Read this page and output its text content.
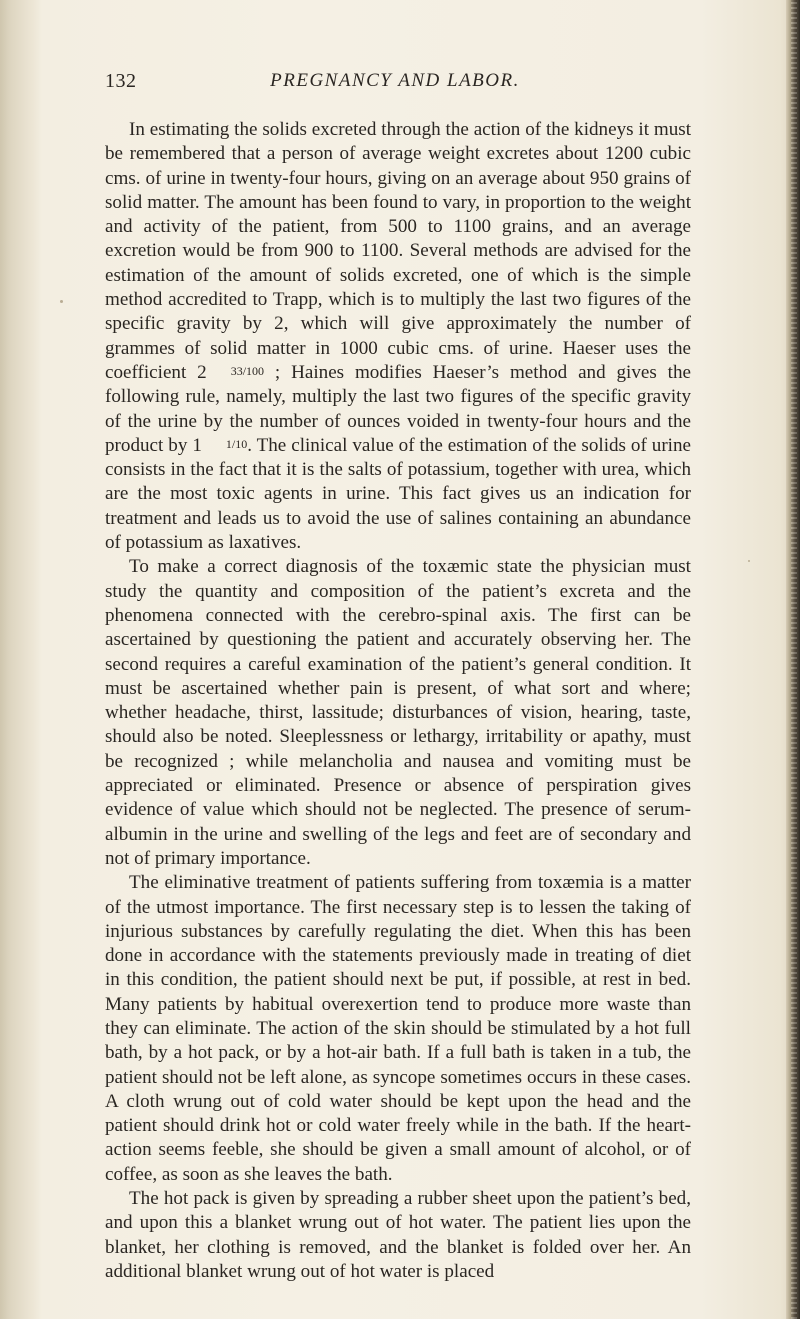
132	PREGNANCY AND LABOR.

In estimating the solids excreted through the action of the kidneys it must be remembered that a person of average weight excretes about 1200 cubic cms. of urine in twenty-four hours, giving on an average about 950 grains of solid matter. The amount has been found to vary, in proportion to the weight and activity of the patient, from 500 to 1100 grains, and an average excretion would be from 900 to 1100. Several methods are advised for the estimation of the amount of solids excreted, one of which is the simple method accredited to Trapp, which is to multiply the last two figures of the specific gravity by 2, which will give approximately the number of grammes of solid matter in 1000 cubic cms. of urine. Haeser uses the coefficient 2 33/100 ; Haines modifies Haeser’s method and gives the following rule, namely, multiply the last two figures of the specific gravity of the urine by the number of ounces voided in twenty-four hours and the product by 1 1/10. The clinical value of the estimation of the solids of urine consists in the fact that it is the salts of potassium, together with urea, which are the most toxic agents in urine. This fact gives us an indication for treatment and leads us to avoid the use of salines containing an abundance of potassium as laxatives.

To make a correct diagnosis of the toxæmic state the physician must study the quantity and composition of the patient’s excreta and the phenomena connected with the cerebro-spinal axis. The first can be ascertained by questioning the patient and accurately observing her. The second requires a careful examination of the patient’s general condition. It must be ascertained whether pain is present, of what sort and where; whether headache, thirst, lassitude; disturbances of vision, hearing, taste, should also be noted. Sleeplessness or lethargy, irritability or apathy, must be recognized ; while melancholia and nausea and vomiting must be appreciated or eliminated. Presence or absence of perspiration gives evidence of value which should not be neglected. The presence of serum-albumin in the urine and swelling of the legs and feet are of secondary and not of primary importance.

The eliminative treatment of patients suffering from toxæmia is a matter of the utmost importance. The first necessary step is to lessen the taking of injurious substances by carefully regulating the diet. When this has been done in accordance with the statements previously made in treating of diet in this condition, the patient should next be put, if possible, at rest in bed. Many patients by habitual overexertion tend to produce more waste than they can eliminate. The action of the skin should be stimulated by a hot full bath, by a hot pack, or by a hot-air bath. If a full bath is taken in a tub, the patient should not be left alone, as syncope sometimes occurs in these cases. A cloth wrung out of cold water should be kept upon the head and the patient should drink hot or cold water freely while in the bath. If the heart-action seems feeble, she should be given a small amount of alcohol, or of coffee, as soon as she leaves the bath.

The hot pack is given by spreading a rubber sheet upon the patient’s bed, and upon this a blanket wrung out of hot water. The patient lies upon the blanket, her clothing is removed, and the blanket is folded over her. An additional blanket wrung out of hot water is placed
